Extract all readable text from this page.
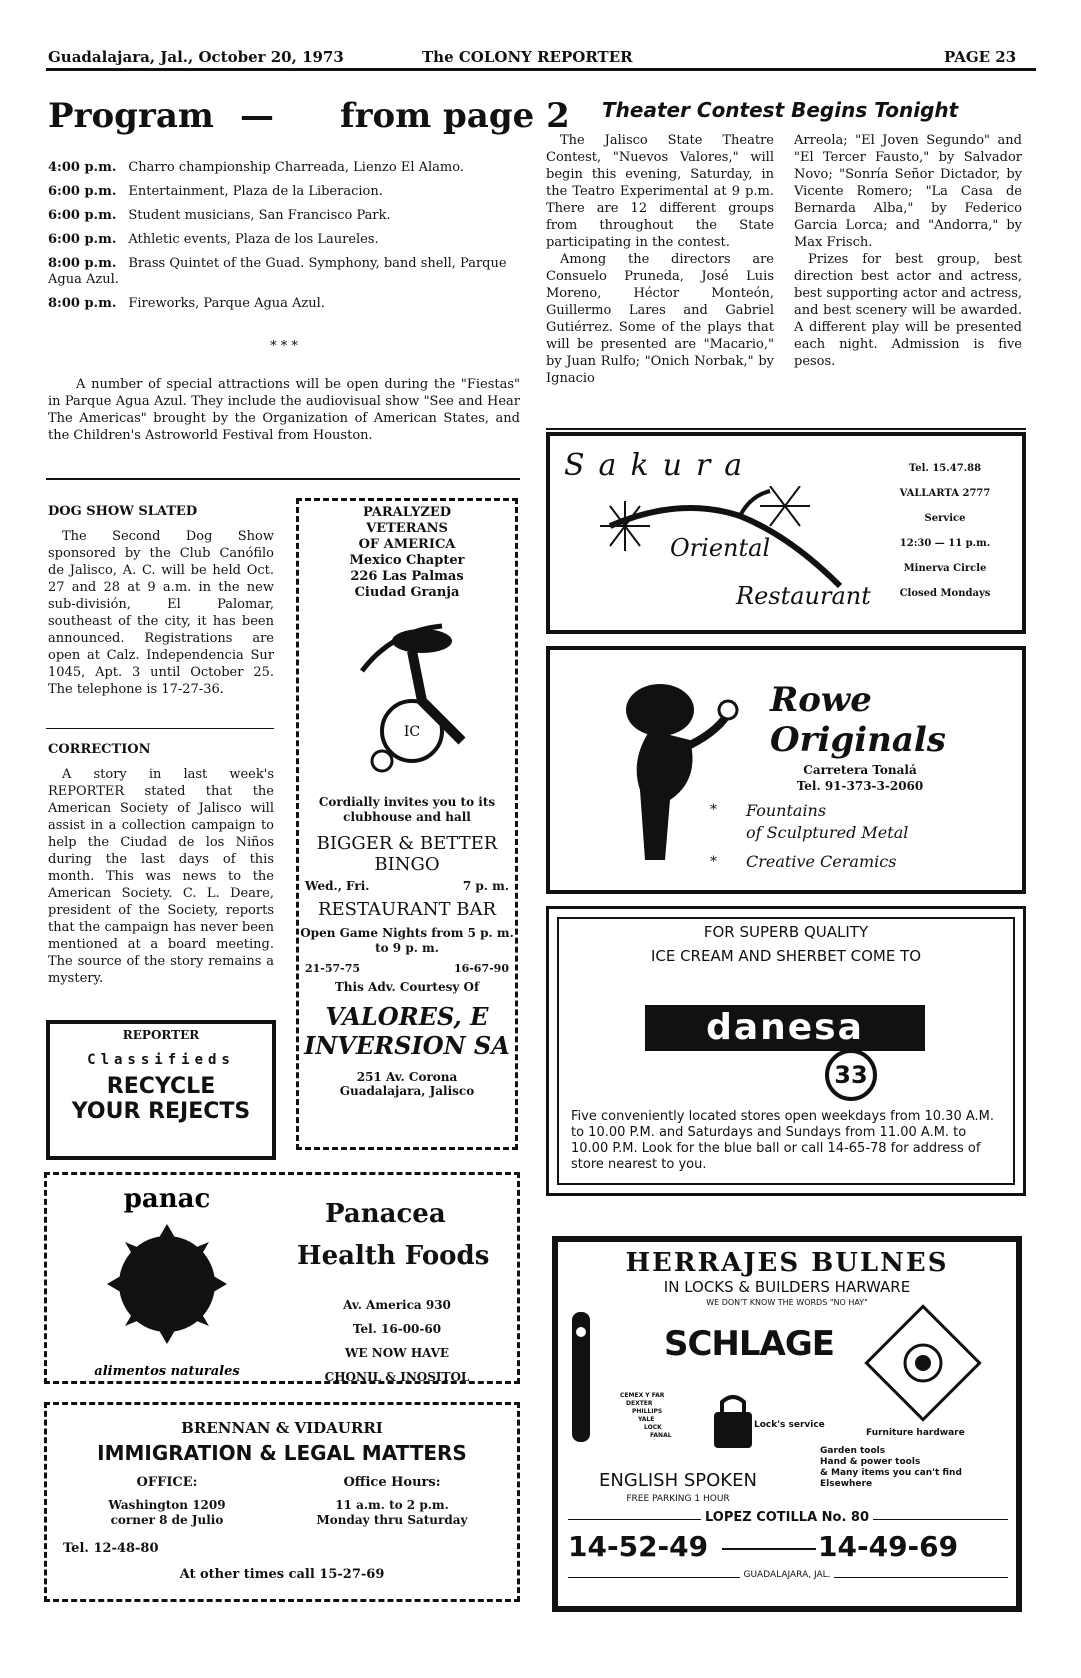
Guadalajara, Jal., October 20, 1973	The COLONY REPORTER	PAGE 23
Program — from page 2
4:00 p.m. Charro championship Charreada, Lienzo El Alamo.
6:00 p.m. Entertainment, Plaza de la Liberacion.
6:00 p.m. Student musicians, San Francisco Park.
6:00 p.m. Athletic events, Plaza de los Laureles.
8:00 p.m. Brass Quintet of the Guad. Symphony, band shell, Parque Agua Azul.
8:00 p.m. Fireworks, Parque Agua Azul.
* * *
A number of special attractions will be open during the "Fiestas" in Parque Agua Azul. They include the audiovisual show "See and Hear The Americas" brought by the Organization of American States, and the Children's Astroworld Festival from Houston.
Theater Contest Begins Tonight

The Jalisco State Theatre Contest, "Nuevos Valores," will begin this evening, Saturday, in the Teatro Experimental at 9 p.m. There are 12 different groups from throughout the State participating in the contest.

Among the directors are Consuelo Pruneda, José Luis Moreno, Héctor Monteón, Guillermo Lares and Gabriel Gutiérrez. Some of the plays that will be presented are "Macario," by Juan Rulfo; "Onich Norbak," by Ignacio

Arreola; "El Joven Segundo" and "El Tercer Fausto," by Salvador Novo; "Sonría Señor Dictador, by Vicente Romero; "La Casa de Bernarda Alba," by Federico Garcia Lorca; and "Andorra," by Max Frisch.

Prizes for best group, best direction best actor and actress, best supporting actor and actress, and best scenery will be awarded. A different play will be presented each night. Admission is five pesos.

DOG SHOW SLATED
The Second Dog Show sponsored by the Club Canófilo de Jalisco, A. C. will be held Oct. 27 and 28 at 9 a.m. in the new sub-división, El Palomar, southeast of the city, it has been announced. Registrations are open at Calz. Independencia Sur 1045, Apt. 3 until October 25. The telephone is 17-27-36.
CORRECTION
A story in last week's REPORTER stated that the American Society of Jalisco will assist in a collection campaign to help the Ciudad de los Niños during the last days of this month. This was news to the American Society. C. L. Deare, president of the Society, reports that the campaign has never been mentioned at a board meeting. The source of the story remains a mystery.
REPORTER
Classifieds
RECYCLE
YOUR REJECTS
PARALYZED
VETERANS
OF AMERICA
Mexico Chapter
226 Las Palmas
Ciudad Granja
IC
Cordially invites you to its clubhouse and hall
BIGGER & BETTER
BINGO
Wed., Fri.	7 p. m.
RESTAURANT BAR
Open Game Nights from 5 p. m. to 9 p. m.
21-57-75	16-67-90
This Adv. Courtesy Of
VALORES, E
INVERSION SA
251 Av. Corona
Guadalajara, Jalisco
panac
alimentos naturales
Panacea
Health Foods
Av. America 930
Tel. 16-00-60
WE NOW HAVE
CHONIL & INOSITOL
BRENNAN & VIDAURRI
IMMIGRATION & LEGAL MATTERS
OFFICE:
Washington 1209
corner 8 de Julio
Office Hours:
11 a.m. to 2 p.m.
Monday thru Saturday
Tel. 12-48-80
At other times call 15-27-69
Sakura
Oriental
Restaurant
Tel. 15.47.88
VALLARTA 2777
Service
12:30 — 11 p.m.
Minerva Circle
Closed Mondays
Rowe Originals
Carretera Tonalá
Tel. 91-373-3-2060
* Fountains
of Sculptured Metal
* Creative Ceramics
FOR SUPERB QUALITY
ICE CREAM AND SHERBET COME TO
danesa
33
Five conveniently located stores open weekdays from 10.30 A.M. to 10.00 P.M. and Saturdays and Sundays from 11.00 A.M. to 10.00 P.M. Look for the blue ball or call 14-65-78 for address of store nearest to you.
HERRAJES BULNES
IN LOCKS & BUILDERS HARWARE
WE DON'T KNOW THE WORDS "NO HAY"
SCHLAGE
CEMEX Y FAR
DEXTER
PHILLIPS
YALE
LOCK
FANAL
Lock's service
Furniture hardware
Garden tools
Hand & power tools
& Many items you can't find
Elsewhere
ENGLISH SPOKEN
FREE PARKING 1 HOUR
LOPEZ COTILLA No. 80
14-52-49	14-49-69
GUADALAJARA, JAL.
